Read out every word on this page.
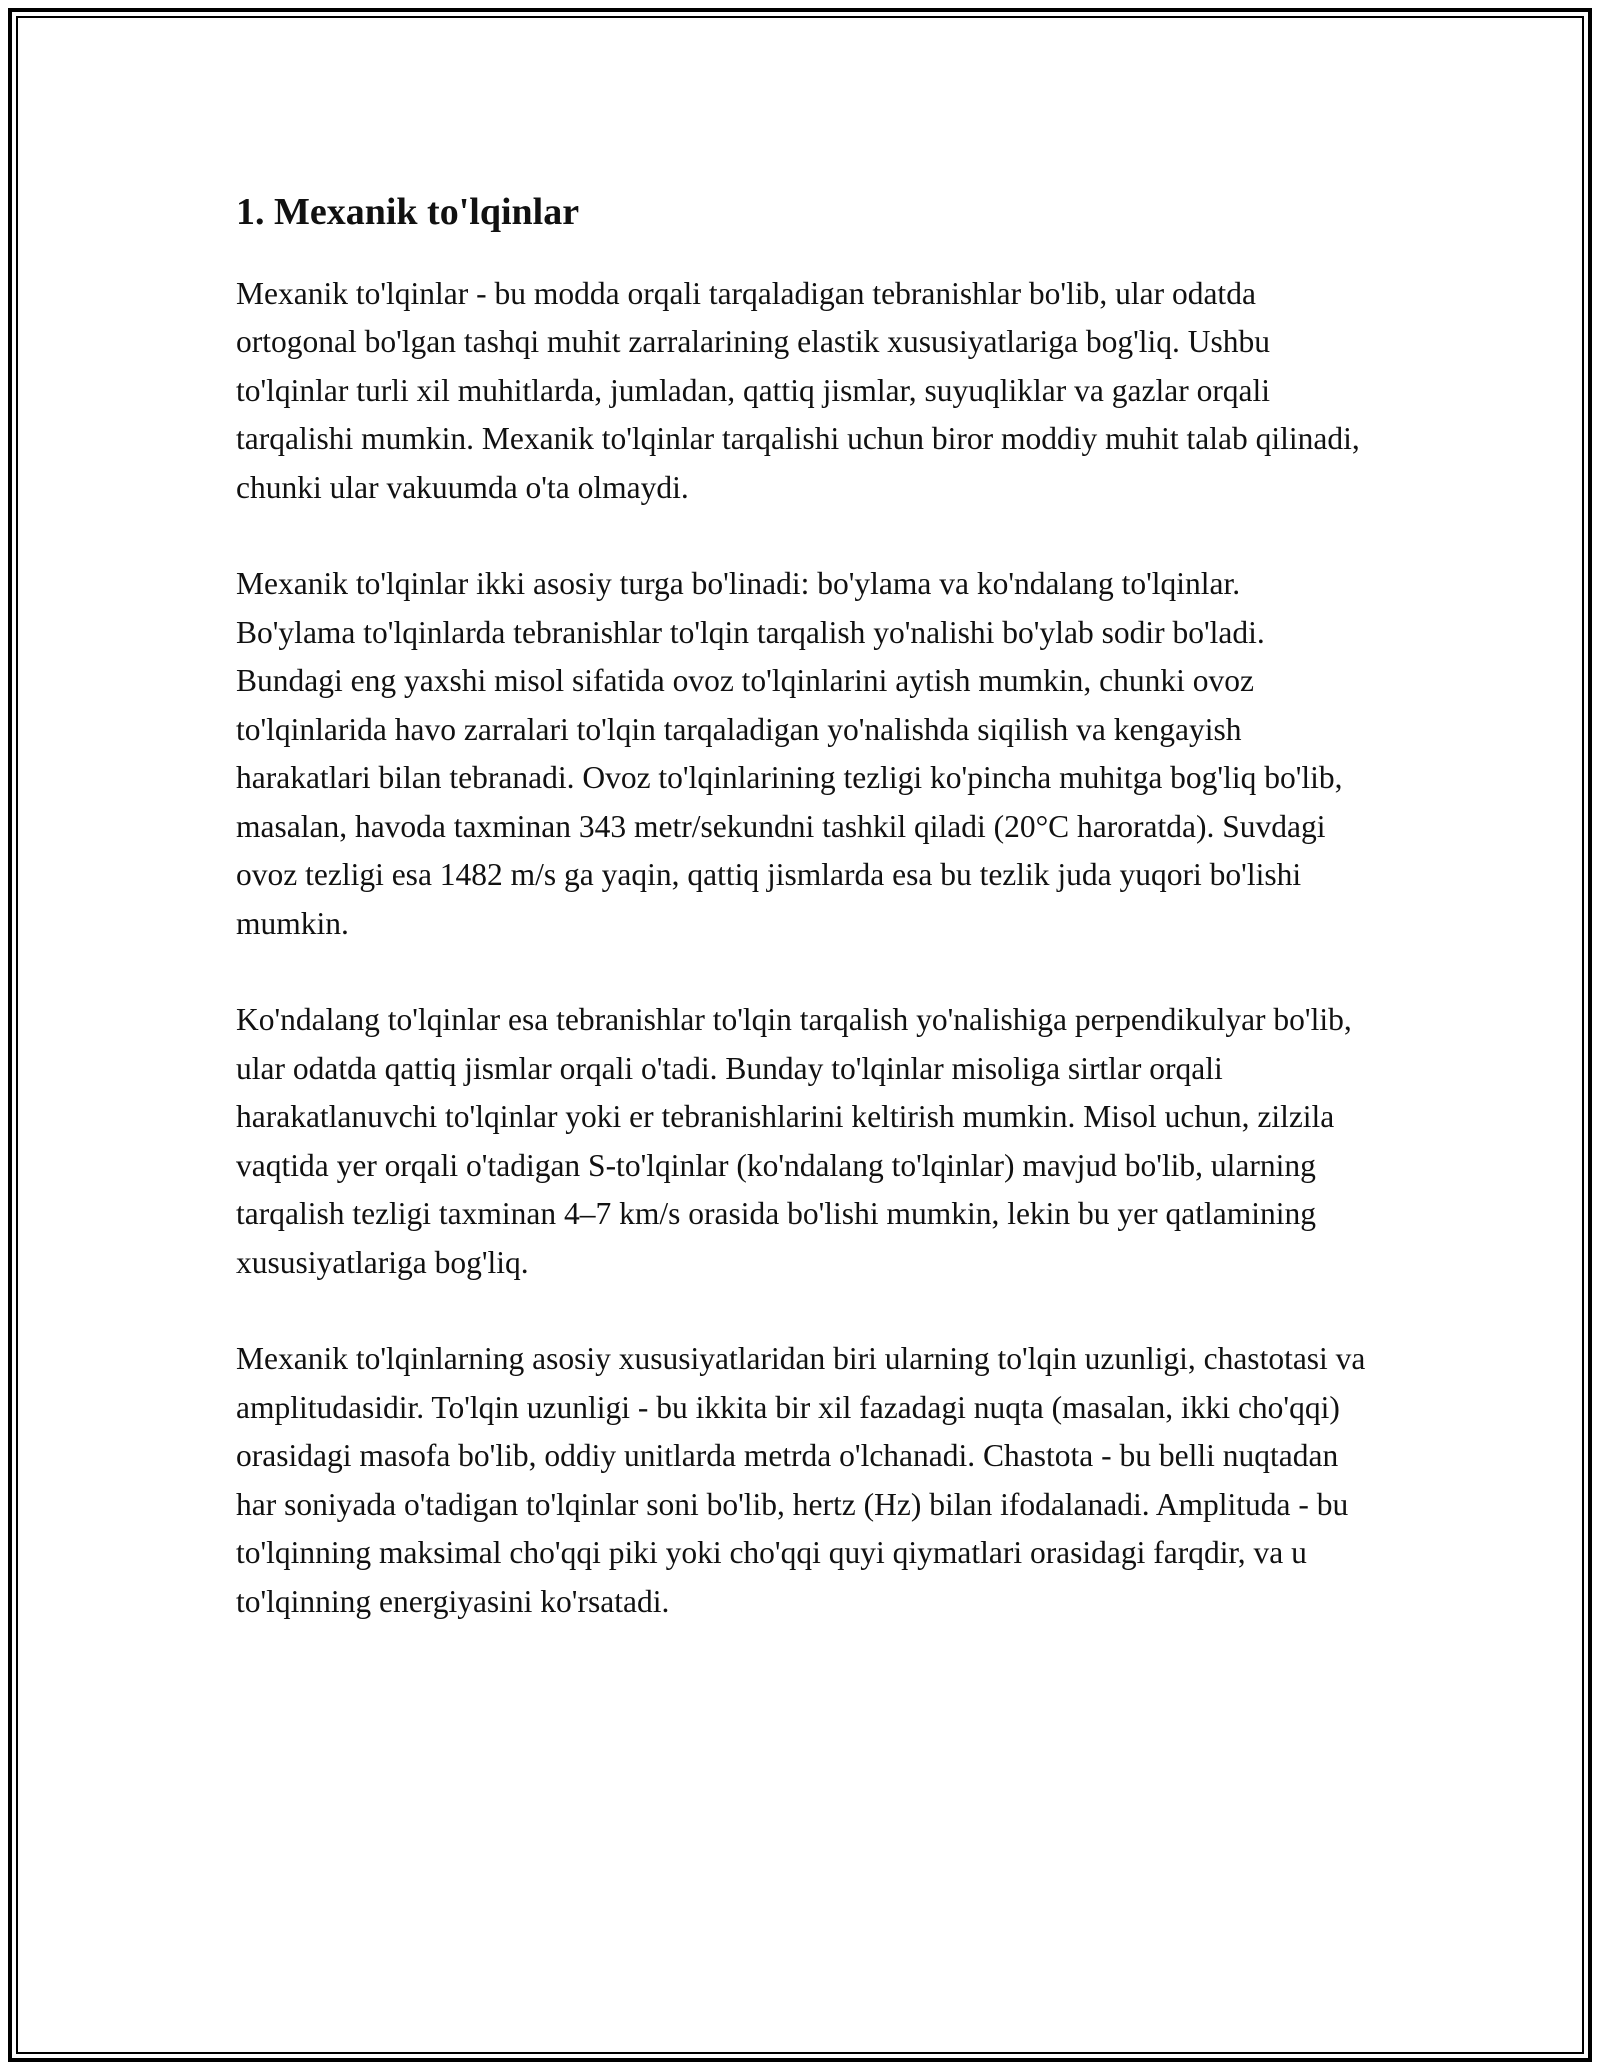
1. Mexanik to'lqinlar

Mexanik to'lqinlar - bu modda orqali tarqaladigan tebranishlar bo'lib, ular odatda ortogonal bo'lgan tashqi muhit zarralarining elastik xususiyatlariga bog'liq. Ushbu to'lqinlar turli xil muhitlarda, jumladan, qattiq jismlar, suyuqliklar va gazlar orqali tarqalishi mumkin. Mexanik to'lqinlar tarqalishi uchun biror moddiy muhit talab qilinadi, chunki ular vakuumda o'ta olmaydi.

Mexanik to'lqinlar ikki asosiy turga bo'linadi: bo'ylama va ko'ndalang to'lqinlar. Bo'ylama to'lqinlarda tebranishlar to'lqin tarqalish yo'nalishi bo'ylab sodir bo'ladi. Bundagi eng yaxshi misol sifatida ovoz to'lqinlarini aytish mumkin, chunki ovoz to'lqinlarida havo zarralari to'lqin tarqaladigan yo'nalishda siqilish va kengayish harakatlari bilan tebranadi. Ovoz to'lqinlarining tezligi ko'pincha muhitga bog'liq bo'lib, masalan, havoda taxminan 343 metr/sekundni tashkil qiladi (20°C haroratda). Suvdagi ovoz tezligi esa 1482 m/s ga yaqin, qattiq jismlarda esa bu tezlik juda yuqori bo'lishi mumkin.

Ko'ndalang to'lqinlar esa tebranishlar to'lqin tarqalish yo'nalishiga perpendikulyar bo'lib, ular odatda qattiq jismlar orqali o'tadi. Bunday to'lqinlar misoliga sirtlar orqali harakatlanuvchi to'lqinlar yoki er tebranishlarini keltirish mumkin. Misol uchun, zilzila vaqtida yer orqali o'tadigan S-to'lqinlar (ko'ndalang to'lqinlar) mavjud bo'lib, ularning tarqalish tezligi taxminan 4–7 km/s orasida bo'lishi mumkin, lekin bu yer qatlamining xususiyatlariga bog'liq.

Mexanik to'lqinlarning asosiy xususiyatlaridan biri ularning to'lqin uzunligi, chastotasi va amplitudasidir. To'lqin uzunligi - bu ikkita bir xil fazadagi nuqta (masalan, ikki cho'qqi) orasidagi masofa bo'lib, oddiy unitlarda metrda o'lchanadi. Chastota - bu belli nuqtadan har soniyada o'tadigan to'lqinlar soni bo'lib, hertz (Hz) bilan ifodalanadi. Amplituda - bu to'lqinning maksimal cho'qqi piki yoki cho'qqi quyi qiymatlari orasidagi farqdir, va u to'lqinning energiyasini ko'rsatadi.
